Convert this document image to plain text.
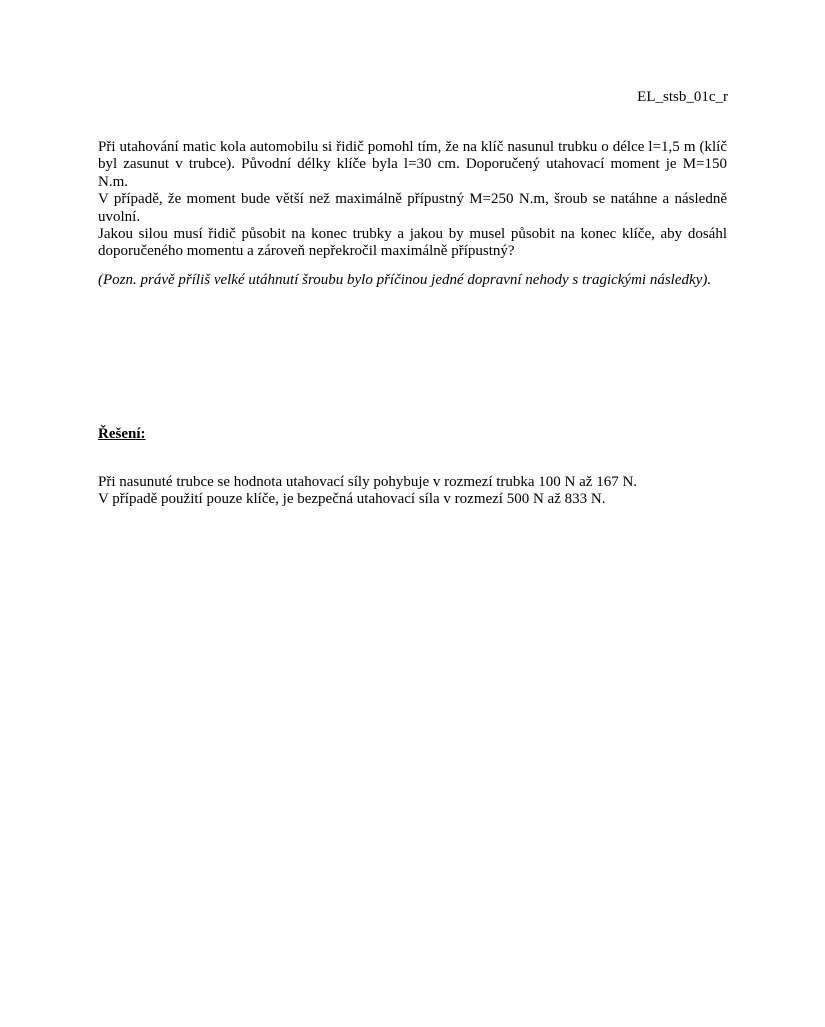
EL_stsb_01c_r

Při utahování matic kola automobilu si řidič pomohl tím, že na klíč nasunul trubku o délce l=1,5 m (klíč byl zasunut v trubce). Původní délky klíče byla l=30 cm. Doporučený utahovací moment je M=150 N.m.

V případě, že moment bude větší než maximálně přípustný M=250 N.m, šroub se natáhne a následně uvolní.

Jakou silou musí řidič působit na konec trubky a jakou by musel působit na konec klíče, aby dosáhl doporučeného momentu a zároveň nepřekročil maximálně přípustný?

(Pozn. právě příliš velké utáhnutí šroubu bylo příčinou jedné dopravní nehody s tragickými následky).
Řešení:

Při nasunuté trubce se hodnota utahovací síly pohybuje v rozmezí trubka 100 N až 167 N.

V případě použití pouze klíče, je bezpečná utahovací síla v rozmezí 500 N až 833 N.
